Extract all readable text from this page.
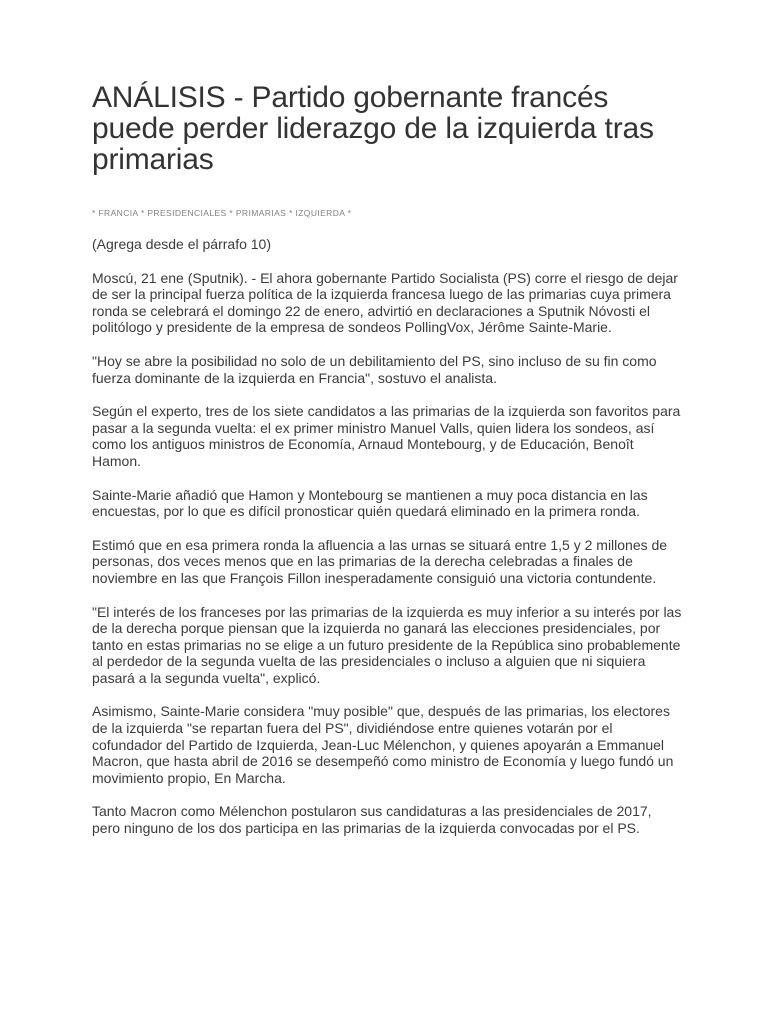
ANÁLISIS - Partido gobernante francés puede perder liderazgo de la izquierda tras primarias
* FRANCIA * PRESIDENCIALES * PRIMARIAS * IZQUIERDA *

(Agrega desde el párrafo 10)

Moscú, 21 ene (Sputnik). - El ahora gobernante Partido Socialista (PS) corre el riesgo de dejar de ser la principal fuerza política de la izquierda francesa luego de las primarias cuya primera ronda se celebrará el domingo 22 de enero, advirtió en declaraciones a Sputnik Nóvosti el politólogo y presidente de la empresa de sondeos PollingVox, Jérôme Sainte-Marie.

"Hoy se abre la posibilidad no solo de un debilitamiento del PS, sino incluso de su fin como fuerza dominante de la izquierda en Francia", sostuvo el analista.

Según el experto, tres de los siete candidatos a las primarias de la izquierda son favoritos para pasar a la segunda vuelta: el ex primer ministro Manuel Valls, quien lidera los sondeos, así como los antiguos ministros de Economía, Arnaud Montebourg, y de Educación, Benoît Hamon.

Sainte-Marie añadió que Hamon y Montebourg se mantienen a muy poca distancia en las encuestas, por lo que es difícil pronosticar quién quedará eliminado en la primera ronda.

Estimó que en esa primera ronda la afluencia a las urnas se situará entre 1,5 y 2 millones de personas, dos veces menos que en las primarias de la derecha celebradas a finales de noviembre en las que François Fillon inesperadamente consiguió una victoria contundente.

"El interés de los franceses por las primarias de la izquierda es muy inferior a su interés por las de la derecha porque piensan que la izquierda no ganará las elecciones presidenciales, por tanto en estas primarias no se elige a un futuro presidente de la República sino probablemente al perdedor de la segunda vuelta de las presidenciales o incluso a alguien que ni siquiera pasará a la segunda vuelta", explicó.

Asimismo, Sainte-Marie considera "muy posible" que, después de las primarias, los electores de la izquierda "se repartan fuera del PS", dividiéndose entre quienes votarán por el cofundador del Partido de Izquierda, Jean-Luc Mélenchon, y quienes apoyarán a Emmanuel Macron, que hasta abril de 2016 se desempeñó como ministro de Economía y luego fundó un movimiento propio, En Marcha.

Tanto Macron como Mélenchon postularon sus candidaturas a las presidenciales de 2017, pero ninguno de los dos participa en las primarias de la izquierda convocadas por el PS.
